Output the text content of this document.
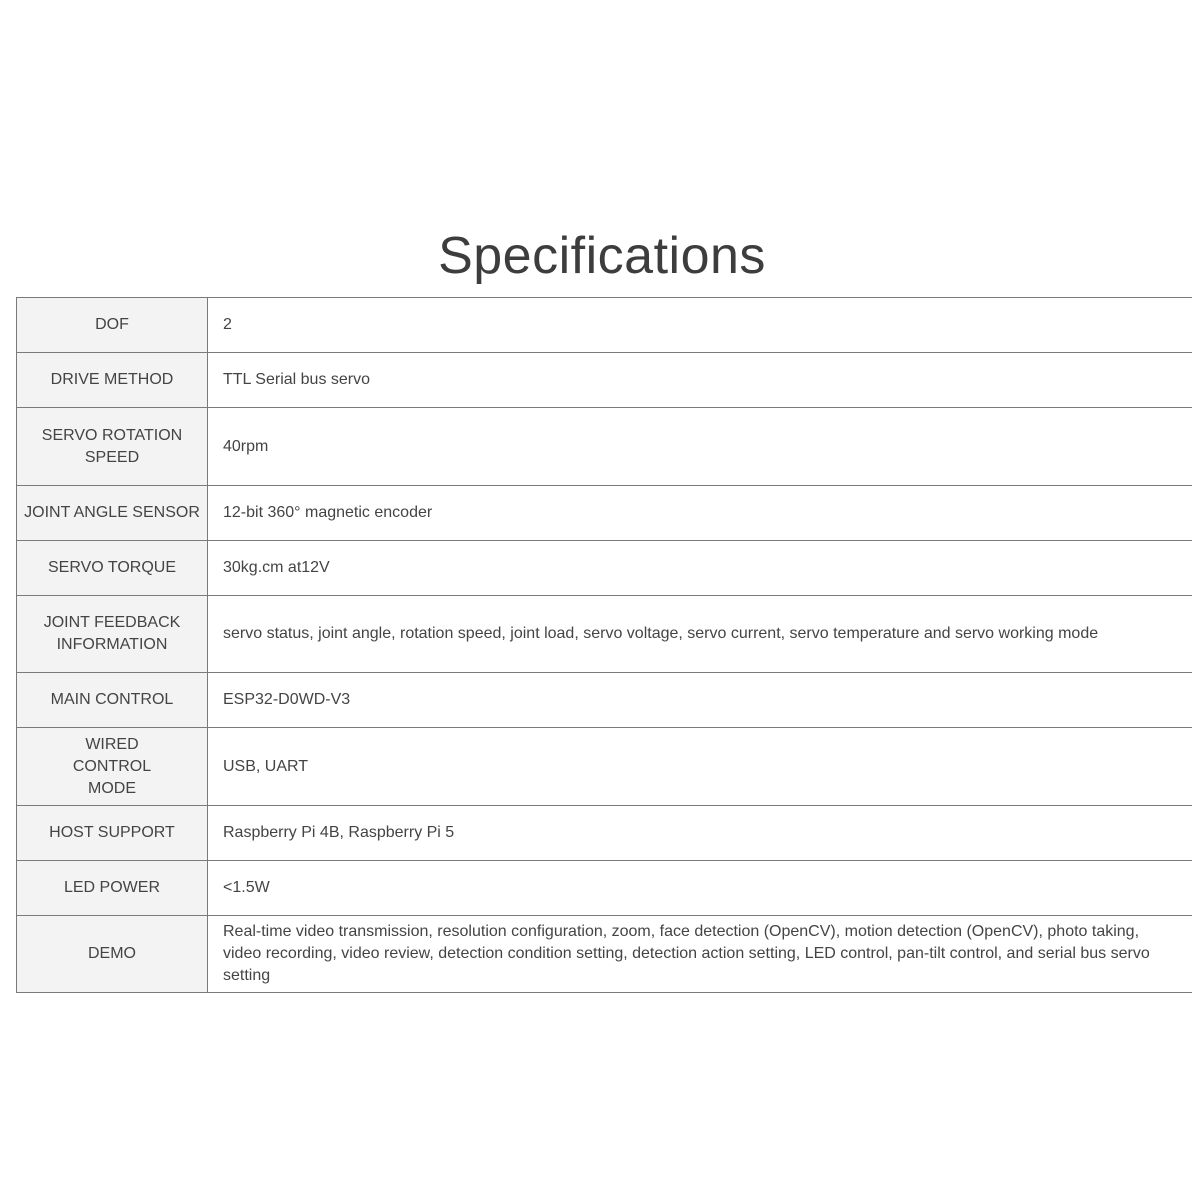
Specifications
DOF	2
DRIVE METHOD	TTL Serial bus servo
SERVO ROTATION SPEED	40rpm
JOINT ANGLE SENSOR	12-bit 360° magnetic encoder
SERVO TORQUE	30kg.cm at12V
JOINT FEEDBACK INFORMATION	servo status, joint angle, rotation speed, joint load, servo voltage, servo current, servo temperature and servo working mode
MAIN CONTROL	ESP32-D0WD-V3
WIRED CONTROL MODE	USB, UART
HOST SUPPORT	Raspberry Pi 4B, Raspberry Pi 5
LED POWER	<1.5W
DEMO	Real-time video transmission, resolution configuration, zoom, face detection (OpenCV), motion detection (OpenCV), photo taking, video recording, video review, detection condition setting, detection action setting, LED control, pan-tilt control, and serial bus servo setting
